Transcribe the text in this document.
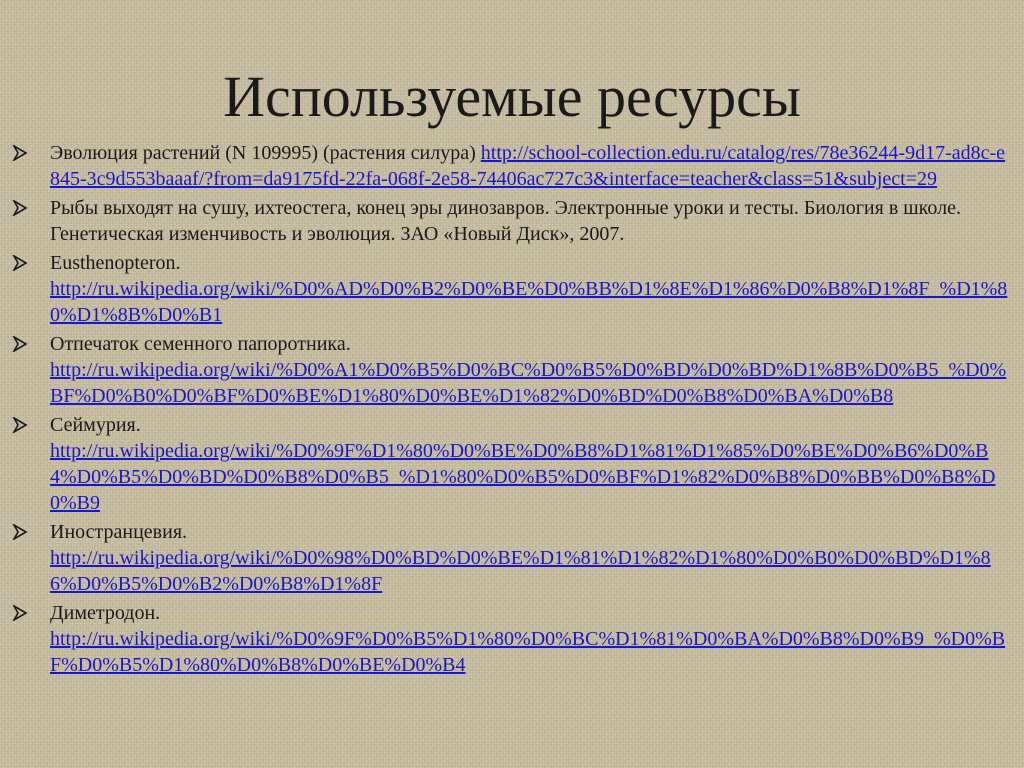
Используемые ресурсы
Эволюция растений (N 109995) (растения силура) http://school-collection.edu.ru/catalog/res/78e36244-9d17-ad8c-e845-3c9d553baaaf/?from=da9175fd-22fa-068f-2e58-74406ac727c3&interface=teacher&class=51&subject=29
Рыбы выходят на сушу, ихтеостега, конец эры динозавров. Электронные уроки и тесты. Биология в школе. Генетическая изменчивость и эволюция. ЗАО «Новый Диск», 2007.
Eusthenopteron.
http://ru.wikipedia.org/wiki/%D0%AD%D0%B2%D0%BE%D0%BB%D1%8E%D1%86%D0%B8%D1%8F_%D1%80%D1%8B%D0%B1
Отпечаток семенного папоротника.
http://ru.wikipedia.org/wiki/%D0%A1%D0%B5%D0%BC%D0%B5%D0%BD%D0%BD%D1%8B%D0%B5_%D0%BF%D0%B0%D0%BF%D0%BE%D1%80%D0%BE%D1%82%D0%BD%D0%B8%D0%BA%D0%B8
Сеймурия.
http://ru.wikipedia.org/wiki/%D0%9F%D1%80%D0%BE%D0%B8%D1%81%D1%85%D0%BE%D0%B6%D0%B4%D0%B5%D0%BD%D0%B8%D0%B5_%D1%80%D0%B5%D0%BF%D1%82%D0%B8%D0%BB%D0%B8%D0%B9
Иностранцевия.
http://ru.wikipedia.org/wiki/%D0%98%D0%BD%D0%BE%D1%81%D1%82%D1%80%D0%B0%D0%BD%D1%86%D0%B5%D0%B2%D0%B8%D1%8F
Диметродон.
http://ru.wikipedia.org/wiki/%D0%9F%D0%B5%D1%80%D0%BC%D1%81%D0%BA%D0%B8%D0%B9_%D0%BF%D0%B5%D1%80%D0%B8%D0%BE%D0%B4
